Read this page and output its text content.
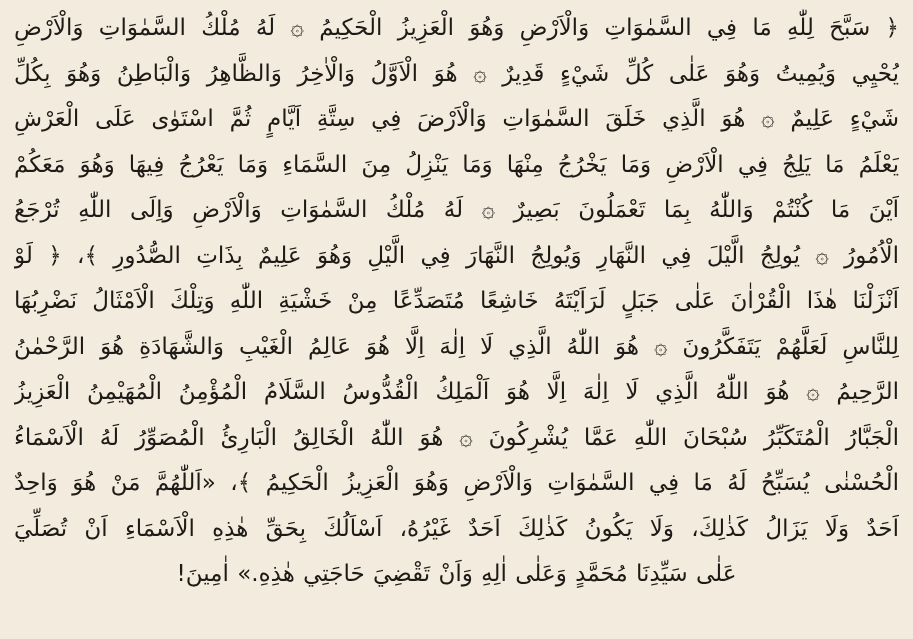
﴿ سَبَّحَ لِلّٰهِ مَا فِي السَّمٰوَاتِ وَالْاَرْضِ وَهُوَ الْعَزِيزُ الْحَكِيمُ ۞ لَهُ مُلْكُ السَّمٰوَاتِ وَالْاَرْضِ
يُحْيِي وَيُمِيتُ وَهُوَ عَلٰى كُلِّ شَيْءٍ قَدِيرٌ ۞ هُوَ الْاَوَّلُ وَالْاٰخِرُ وَالظَّاهِرُ وَالْبَاطِنُ وَهُوَ بِكُلِّ
شَيْءٍ عَلِيمٌ ۞ هُوَ الَّذِي خَلَقَ السَّمٰوَاتِ وَالْاَرْضَ فِي سِتَّةِ اَيَّامٍ ثُمَّ اسْتَوٰى عَلَى الْعَرْشِ
يَعْلَمُ مَا يَلِجُ فِي الْاَرْضِ وَمَا يَخْرُجُ مِنْهَا وَمَا يَنْزِلُ مِنَ السَّمَاءِ وَمَا يَعْرُجُ فِيهَا وَهُوَ مَعَكُمْ
اَيْنَ مَا كُنْتُمْ وَاللّٰهُ بِمَا تَعْمَلُونَ بَصِيرٌ ۞ لَهُ مُلْكُ السَّمٰوَاتِ وَالْاَرْضِ وَاِلَى اللّٰهِ تُرْجَعُ
الْاُمُورُ ۞ يُولِجُ الَّيْلَ فِي النَّهَارِ وَيُولِجُ النَّهَارَ فِي الَّيْلِ وَهُوَ عَلِيمٌ بِذَاتِ الصُّدُورِ ﴾، ﴿ لَوْ
اَنْزَلْنَا هٰذَا الْقُرْاٰنَ عَلٰى جَبَلٍ لَرَاَيْتَهُ خَاشِعًا مُتَصَدِّعًا مِنْ خَشْيَةِ اللّٰهِ وَتِلْكَ الْاَمْثَالُ نَضْرِبُهَا
لِلنَّاسِ لَعَلَّهُمْ يَتَفَكَّرُونَ ۞ هُوَ اللّٰهُ الَّذِي لَا اِلٰهَ اِلَّا هُوَ عَالِمُ الْغَيْبِ وَالشَّهَادَةِ هُوَ الرَّحْمٰنُ
الرَّحِيمُ ۞ هُوَ اللّٰهُ الَّذِي لَا اِلٰهَ اِلَّا هُوَ اَلْمَلِكُ الْقُدُّوسُ السَّلَامُ الْمُؤْمِنُ الْمُهَيْمِنُ الْعَزِيزُ
الْجَبَّارُ الْمُتَكَبِّرُ سُبْحَانَ اللّٰهِ عَمَّا يُشْرِكُونَ ۞ هُوَ اللّٰهُ الْخَالِقُ الْبَارِئُ الْمُصَوِّرُ لَهُ الْاَسْمَاءُ
الْحُسْنٰى يُسَبِّحُ لَهُ مَا فِي السَّمٰوَاتِ وَالْاَرْضِ وَهُوَ الْعَزِيزُ الْحَكِيمُ ﴾، «اَللّٰهُمَّ مَنْ هُوَ وَاحِدٌ
اَحَدٌ وَلَا يَزَالُ كَذٰلِكَ، وَلَا يَكُونُ كَذٰلِكَ اَحَدٌ غَيْرُهُ، اَسْاَلُكَ بِحَقِّ هٰذِهِ الْاَسْمَاءِ اَنْ تُصَلِّيَ
عَلٰى سَيِّدِنَا مُحَمَّدٍ وَعَلٰى اٰلِهِ وَاَنْ تَقْضِيَ حَاجَتِي هٰذِهِ.» اٰمِينَ!
